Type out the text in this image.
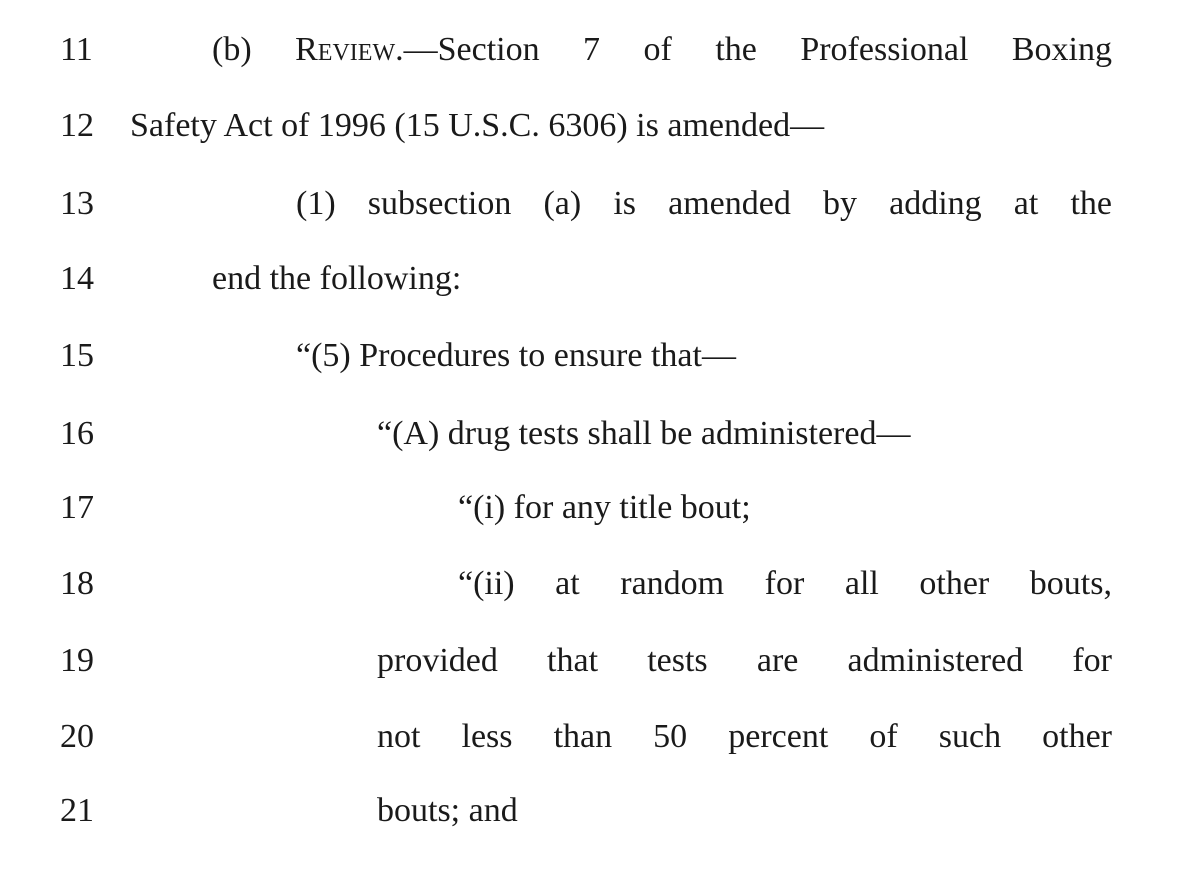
11	(b) Review.—Section 7 of the Professional Boxing
12	Safety Act of 1996 (15 U.S.C. 6306) is amended—
13	(1) subsection (a) is amended by adding at the
14	end the following:
15	“(5) Procedures to ensure that—
16	“(A) drug tests shall be administered—
17	“(i) for any title bout;
18	“(ii) at random for all other bouts,
19	provided that tests are administered for
20	not less than 50 percent of such other
21	bouts; and
